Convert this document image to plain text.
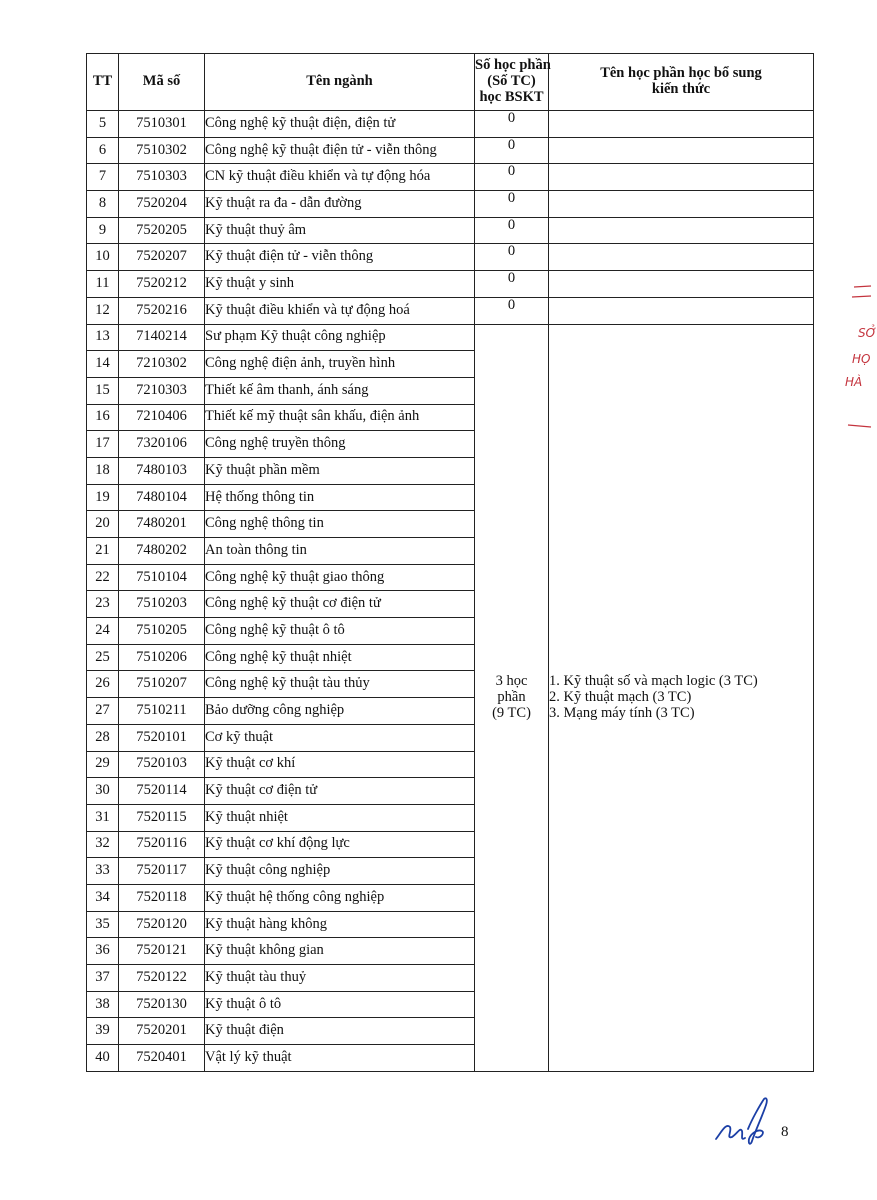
TT	Mã số	Tên ngành	Số học phần
(Số TC)
học BSKT	Tên học phần học bổ sung
kiến thức

5	7510301	Công nghệ kỹ thuật điện, điện tử	0	
6	7510302	Công nghệ kỹ thuật điện tử - viễn thông	0	
7	7510303	CN kỹ thuật điều khiển và tự động hóa	0	
8	7520204	Kỹ thuật ra đa - dẫn đường	0	
9	7520205	Kỹ thuật thuỷ âm	0	
10	7520207	Kỹ thuật điện tử - viễn thông	0	
11	7520212	Kỹ thuật y sinh	0	
12	7520216	Kỹ thuật điều khiển và tự động hoá	0	
13	7140214	Sư phạm Kỹ thuật công nghiệp	3 học
phần
(9 TC)	1. Kỹ thuật số và mạch logic (3 TC)
2. Kỹ thuật mạch (3 TC)
3. Mạng máy tính (3 TC)

14	7210302	Công nghệ điện ảnh, truyền hình		
15	7210303	Thiết kế âm thanh, ánh sáng		
16	7210406	Thiết kế mỹ thuật sân khấu, điện ảnh		
17	7320106	Công nghệ truyền thông		
18	7480103	Kỹ thuật phần mềm		
19	7480104	Hệ thống thông tin		
20	7480201	Công nghệ thông tin		
21	7480202	An toàn thông tin		
22	7510104	Công nghệ kỹ thuật giao thông		
23	7510203	Công nghệ kỹ thuật cơ điện tử		
24	7510205	Công nghệ kỹ thuật ô tô		
25	7510206	Công nghệ kỹ thuật nhiệt		
26	7510207	Công nghệ kỹ thuật tàu thủy		
27	7510211	Bảo dưỡng công nghiệp		
28	7520101	Cơ kỹ thuật		
29	7520103	Kỹ thuật cơ khí		
30	7520114	Kỹ thuật cơ điện tử		
31	7520115	Kỹ thuật nhiệt		
32	7520116	Kỹ thuật cơ khí động lực		
33	7520117	Kỹ thuật công nghiệp		
34	7520118	Kỹ thuật hệ thống công nghiệp		
35	7520120	Kỹ thuật hàng không		
36	7520121	Kỹ thuật không gian		
37	7520122	Kỹ thuật tàu thuỷ		
38	7520130	Kỹ thuật ô tô		
39	7520201	Kỹ thuật điện		
40	7520401	Vật lý kỹ thuật		
SỞ
HỌ
HÀ
8
